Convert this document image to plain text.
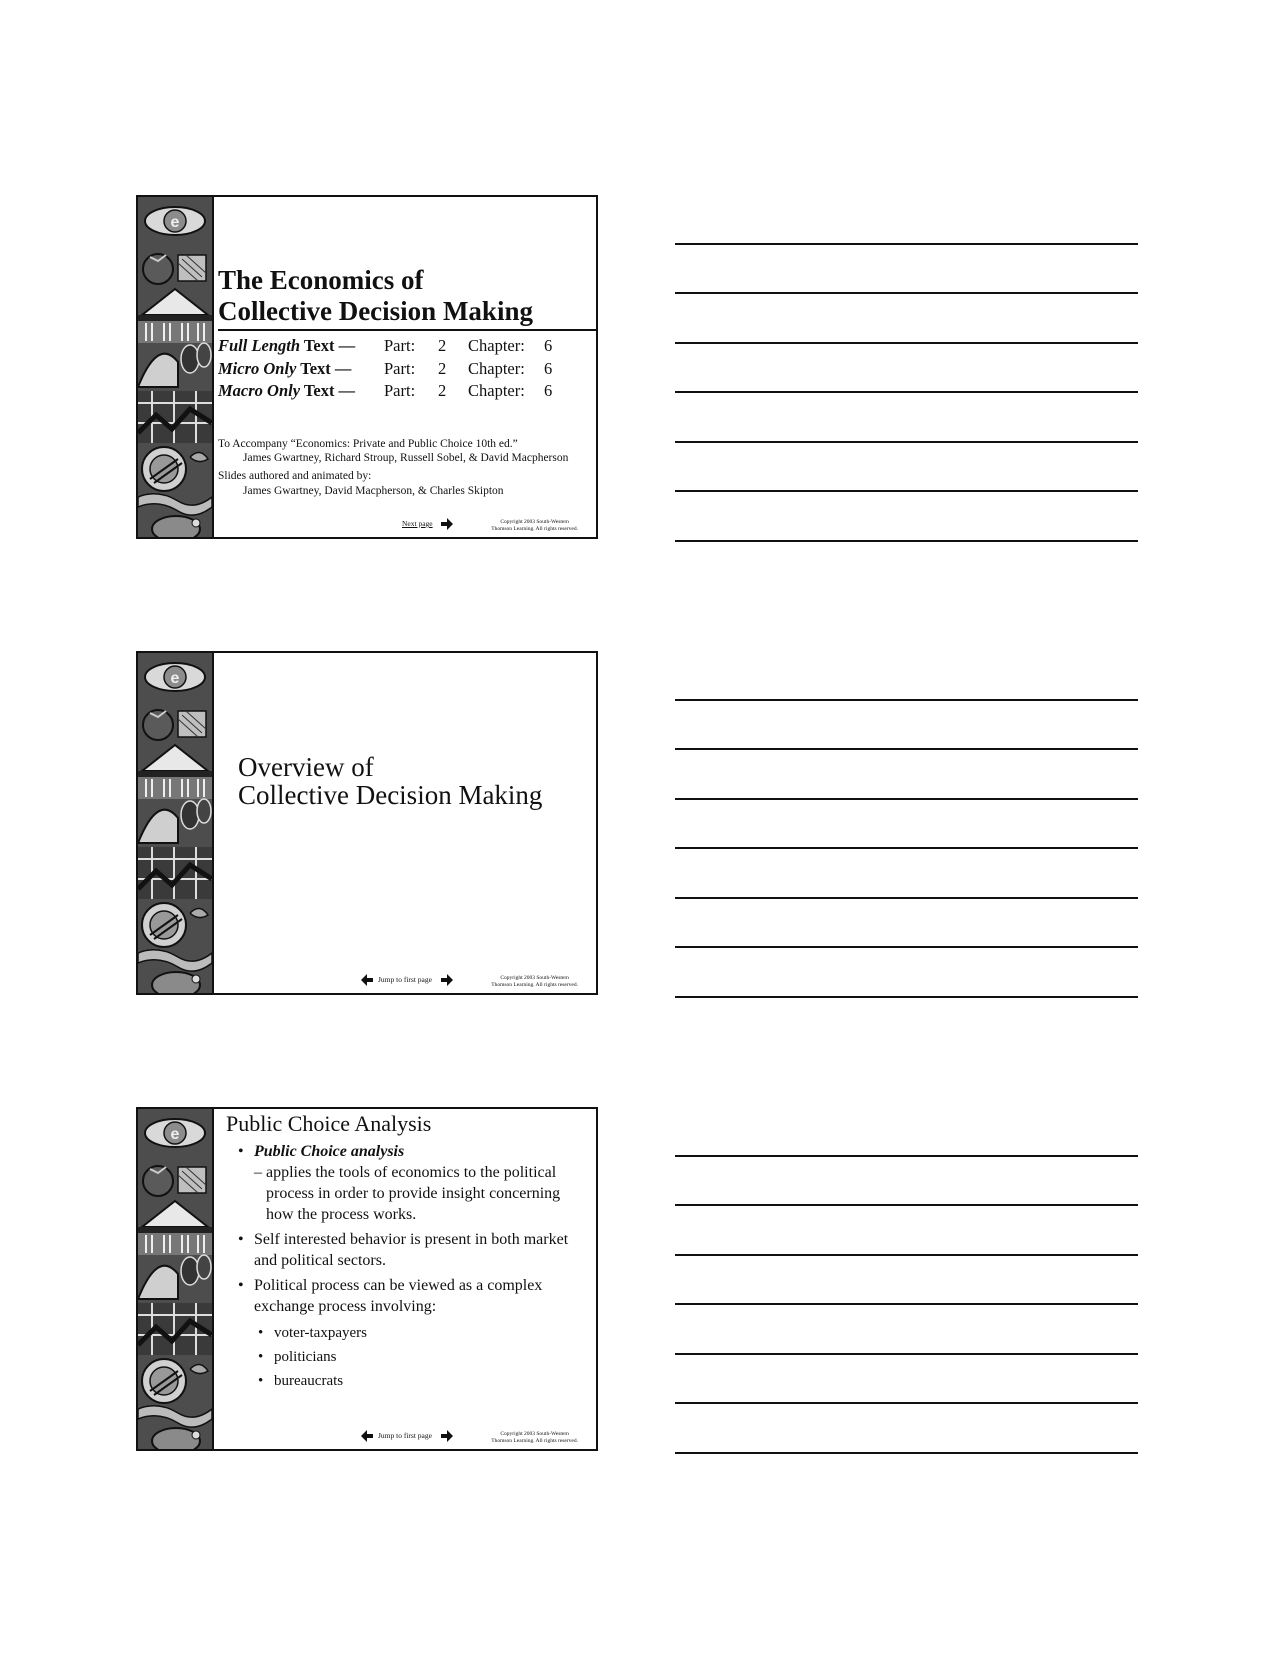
The Economics of
Collective Decision Making
Full Length Text — Part: 2 Chapter: 6
Micro Only Text — Part: 2 Chapter: 6
Macro Only Text — Part: 2 Chapter: 6
To Accompany “Economics: Private and Public Choice 10th ed.”
James Gwartney, Richard Stroup, Russell Sobel, & David Macpherson
Slides authored and animated by:
James Gwartney, David Macpherson, & Charles Skipton
Next page	Copyright 2003 South-Western
Thomson Learning. All rights reserved.
Overview of
Collective Decision Making
Jump to first page	Copyright 2003 South-Western
Thomson Learning. All rights reserved.
Public Choice Analysis
• Public Choice analysis
– applies the tools of economics to the political process in order to provide insight concerning how the process works.
• Self interested behavior is present in both market and political sectors.
• Political process can be viewed as a complex exchange process involving:
• voter-taxpayers
• politicians
• bureaucrats
Jump to first page	Copyright 2003 South-Western
Thomson Learning. All rights reserved.
